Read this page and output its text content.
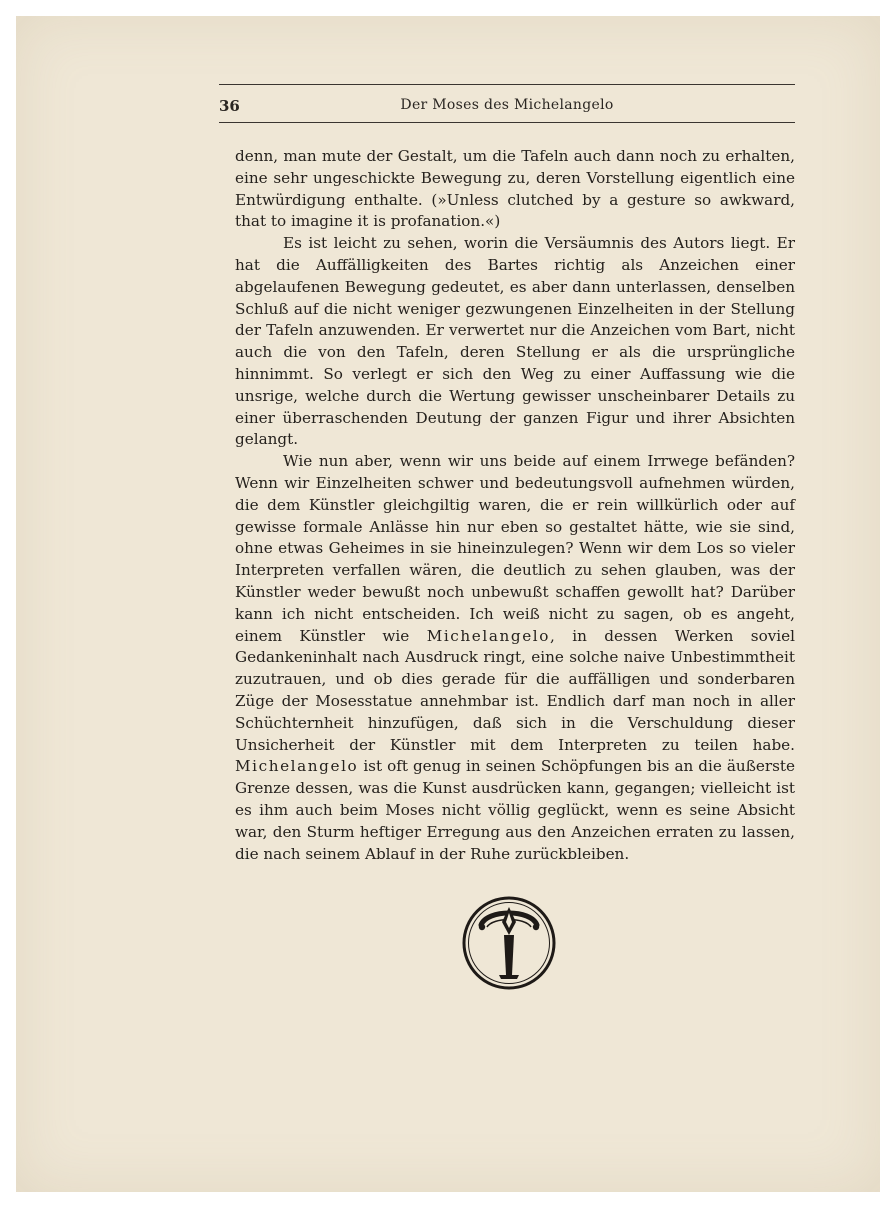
36	Der Moses des Michelangelo

denn, man mute der Gestalt, um die Tafeln auch dann noch zu erhalten, eine sehr ungeschickte Bewegung zu, deren Vorstellung eigentlich eine Entwürdigung enthalte. (»Unless clutched by a gesture so awkward, that to imagine it is profanation.«)

Es ist leicht zu sehen, worin die Versäumnis des Autors liegt. Er hat die Auffälligkeiten des Bartes richtig als Anzeichen einer abgelaufenen Bewegung gedeutet, es aber dann unterlassen, denselben Schluß auf die nicht weniger gezwungenen Einzelheiten in der Stellung der Tafeln anzuwenden. Er verwertet nur die Anzeichen vom Bart, nicht auch die von den Tafeln, deren Stellung er als die ursprüngliche hinnimmt. So verlegt er sich den Weg zu einer Auffassung wie die unsrige, welche durch die Wertung gewisser unscheinbarer Details zu einer überraschenden Deutung der ganzen Figur und ihrer Absichten gelangt.

Wie nun aber, wenn wir uns beide auf einem Irrwege befänden? Wenn wir Einzelheiten schwer und bedeutungsvoll aufnehmen würden, die dem Künstler gleichgiltig waren, die er rein willkürlich oder auf gewisse formale Anlässe hin nur eben so gestaltet hätte, wie sie sind, ohne etwas Geheimes in sie hineinzulegen? Wenn wir dem Los so vieler Interpreten verfallen wären, die deutlich zu sehen glauben, was der Künstler weder bewußt noch unbewußt schaffen gewollt hat? Darüber kann ich nicht entscheiden. Ich weiß nicht zu sagen, ob es angeht, einem Künstler wie Michelangelo, in dessen Werken soviel Gedankeninhalt nach Ausdruck ringt, eine solche naive Unbestimmtheit zuzutrauen, und ob dies gerade für die auffälligen und sonderbaren Züge der Mosesstatue annehmbar ist. Endlich darf man noch in aller Schüchternheit hinzufügen, daß sich in die Verschuldung dieser Unsicherheit der Künstler mit dem Interpreten zu teilen habe. Michelangelo ist oft genug in seinen Schöpfungen bis an die äußerste Grenze dessen, was die Kunst ausdrücken kann, gegangen; vielleicht ist es ihm auch beim Moses nicht völlig geglückt, wenn es seine Absicht war, den Sturm heftiger Erregung aus den Anzeichen erraten zu lassen, die nach seinem Ablauf in der Ruhe zurückbleiben.
